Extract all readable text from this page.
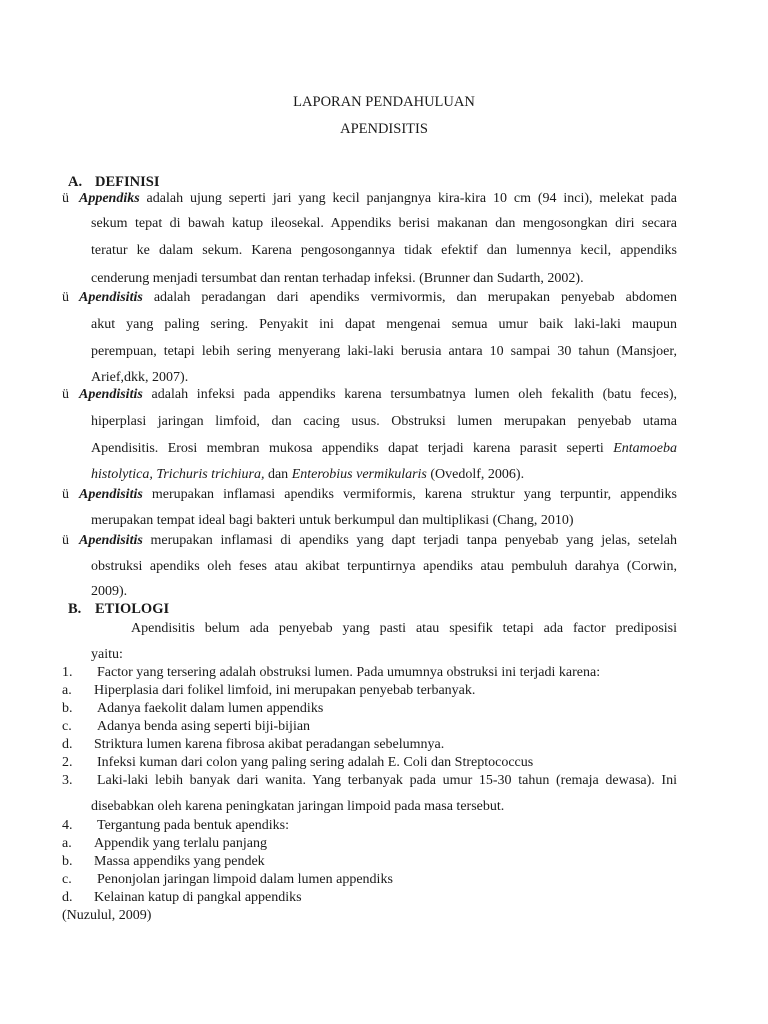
LAPORAN PENDAHULUAN
APENDISITIS
A. DEFINISI
ü Appendiks adalah ujung seperti jari yang kecil panjangnya kira-kira 10 cm (94 inci), melekat pada
sekum tepat di bawah katup ileosekal. Appendiks berisi makanan dan mengosongkan diri secara
teratur ke dalam sekum. Karena pengosongannya tidak efektif dan lumennya kecil, appendiks
cenderung menjadi tersumbat dan rentan terhadap infeksi. (Brunner dan Sudarth, 2002).
ü Apendisitis adalah peradangan dari apendiks vermivormis, dan merupakan penyebab abdomen
akut yang paling sering. Penyakit ini dapat mengenai semua umur baik laki-laki maupun
perempuan, tetapi lebih sering menyerang laki-laki berusia antara 10 sampai 30 tahun (Mansjoer,
Arief,dkk, 2007).
ü Apendisitis adalah infeksi pada appendiks karena tersumbatnya lumen oleh fekalith (batu feces),
hiperplasi jaringan limfoid, dan cacing usus. Obstruksi lumen merupakan penyebab utama
Apendisitis. Erosi membran mukosa appendiks dapat terjadi karena parasit seperti Entamoeba
histolytica, Trichuris trichiura, dan Enterobius vermikularis (Ovedolf, 2006).
ü Apendisitis merupakan inflamasi apendiks vermiformis, karena struktur yang terpuntir, appendiks
merupakan tempat ideal bagi bakteri untuk berkumpul dan multiplikasi (Chang, 2010)
ü Apendisitis merupakan inflamasi di apendiks yang dapt terjadi tanpa penyebab yang jelas, setelah
obstruksi apendiks oleh feses atau akibat terpuntirnya apendiks atau pembuluh darahya (Corwin,
2009).
B. ETIOLOGI
Apendisitis belum ada penyebab yang pasti atau spesifik tetapi ada factor prediposisi
yaitu:
1. Factor yang tersering adalah obstruksi lumen. Pada umumnya obstruksi ini terjadi karena:
a. Hiperplasia dari folikel limfoid, ini merupakan penyebab terbanyak.
b. Adanya faekolit dalam lumen appendiks
c. Adanya benda asing seperti biji-bijian
d. Striktura lumen karena fibrosa akibat peradangan sebelumnya.
2. Infeksi kuman dari colon yang paling sering adalah E. Coli dan Streptococcus
3. Laki-laki lebih banyak dari wanita. Yang terbanyak pada umur 15-30 tahun (remaja dewasa). Ini
disebabkan oleh karena peningkatan jaringan limpoid pada masa tersebut.
4. Tergantung pada bentuk apendiks:
a. Appendik yang terlalu panjang
b. Massa appendiks yang pendek
c. Penonjolan jaringan limpoid dalam lumen appendiks
d. Kelainan katup di pangkal appendiks
(Nuzulul, 2009)
